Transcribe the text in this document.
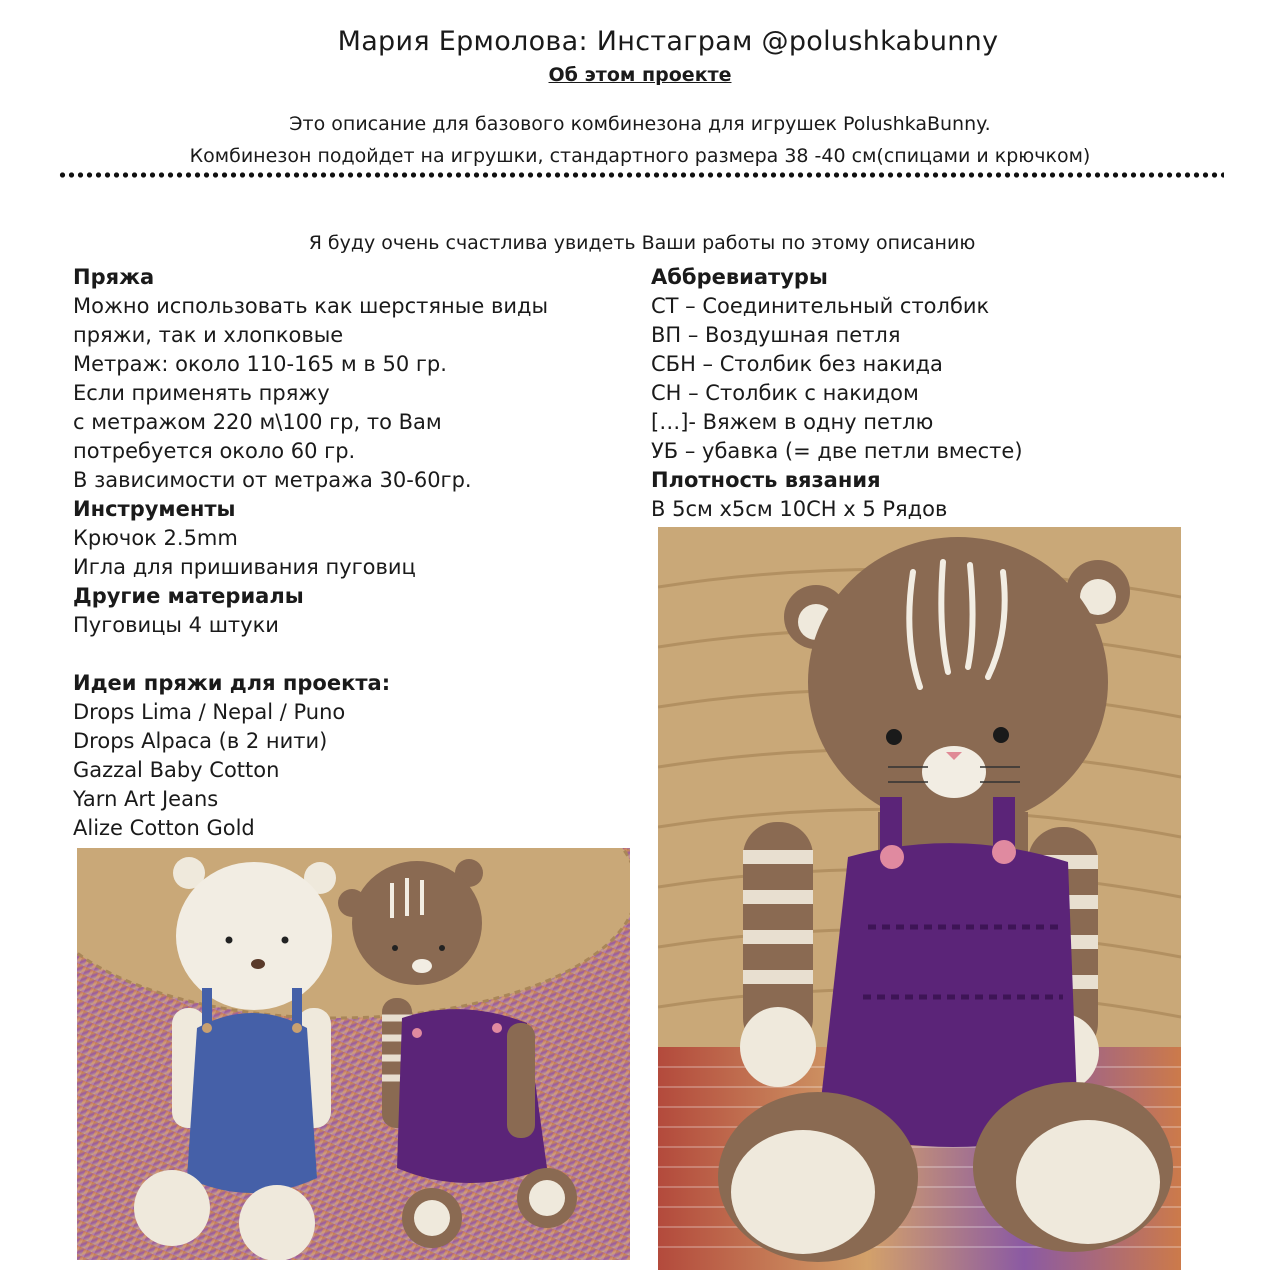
Мария Ермолова: Инстаграм @polushkabunny
Об этом проекте
Это описание для базового комбинезона для игрушек PolushkaBunny.
Комбинезон подойдет на игрушки, стандартного размера 38 -40 см(спицами и крючком)
Я буду очень счастлива увидеть Ваши работы по этому описанию
Пряжа
Можно использовать как шерстяные виды
пряжи, так и хлопковые
Метраж: около 110-165 м в 50 гр.
Если применять пряжу
с метражом 220 м\100 гр, то Вам
потребуется около 60 гр.
В зависимости от метража 30-60гр.
Инструменты
Крючок 2.5mm
Игла для пришивания пуговиц
Другие материалы
Пуговицы 4 штуки
Идеи пряжи для проекта:
Drops Lima / Nepal / Puno
Drops Alpaca (в 2 нити)
Gazzal Baby Cotton
Yarn Art Jeans
Alize Cotton Gold
Аббревиатуры
СТ – Соединительный столбик
ВП – Воздушная петля
СБН – Столбик без накида
СН – Столбик с накидом
[…]- Вяжем в одну петлю
УБ – убавка (= две петли вместе)
Плотность вязания
В 5см х5см 10СН х 5 Рядов
